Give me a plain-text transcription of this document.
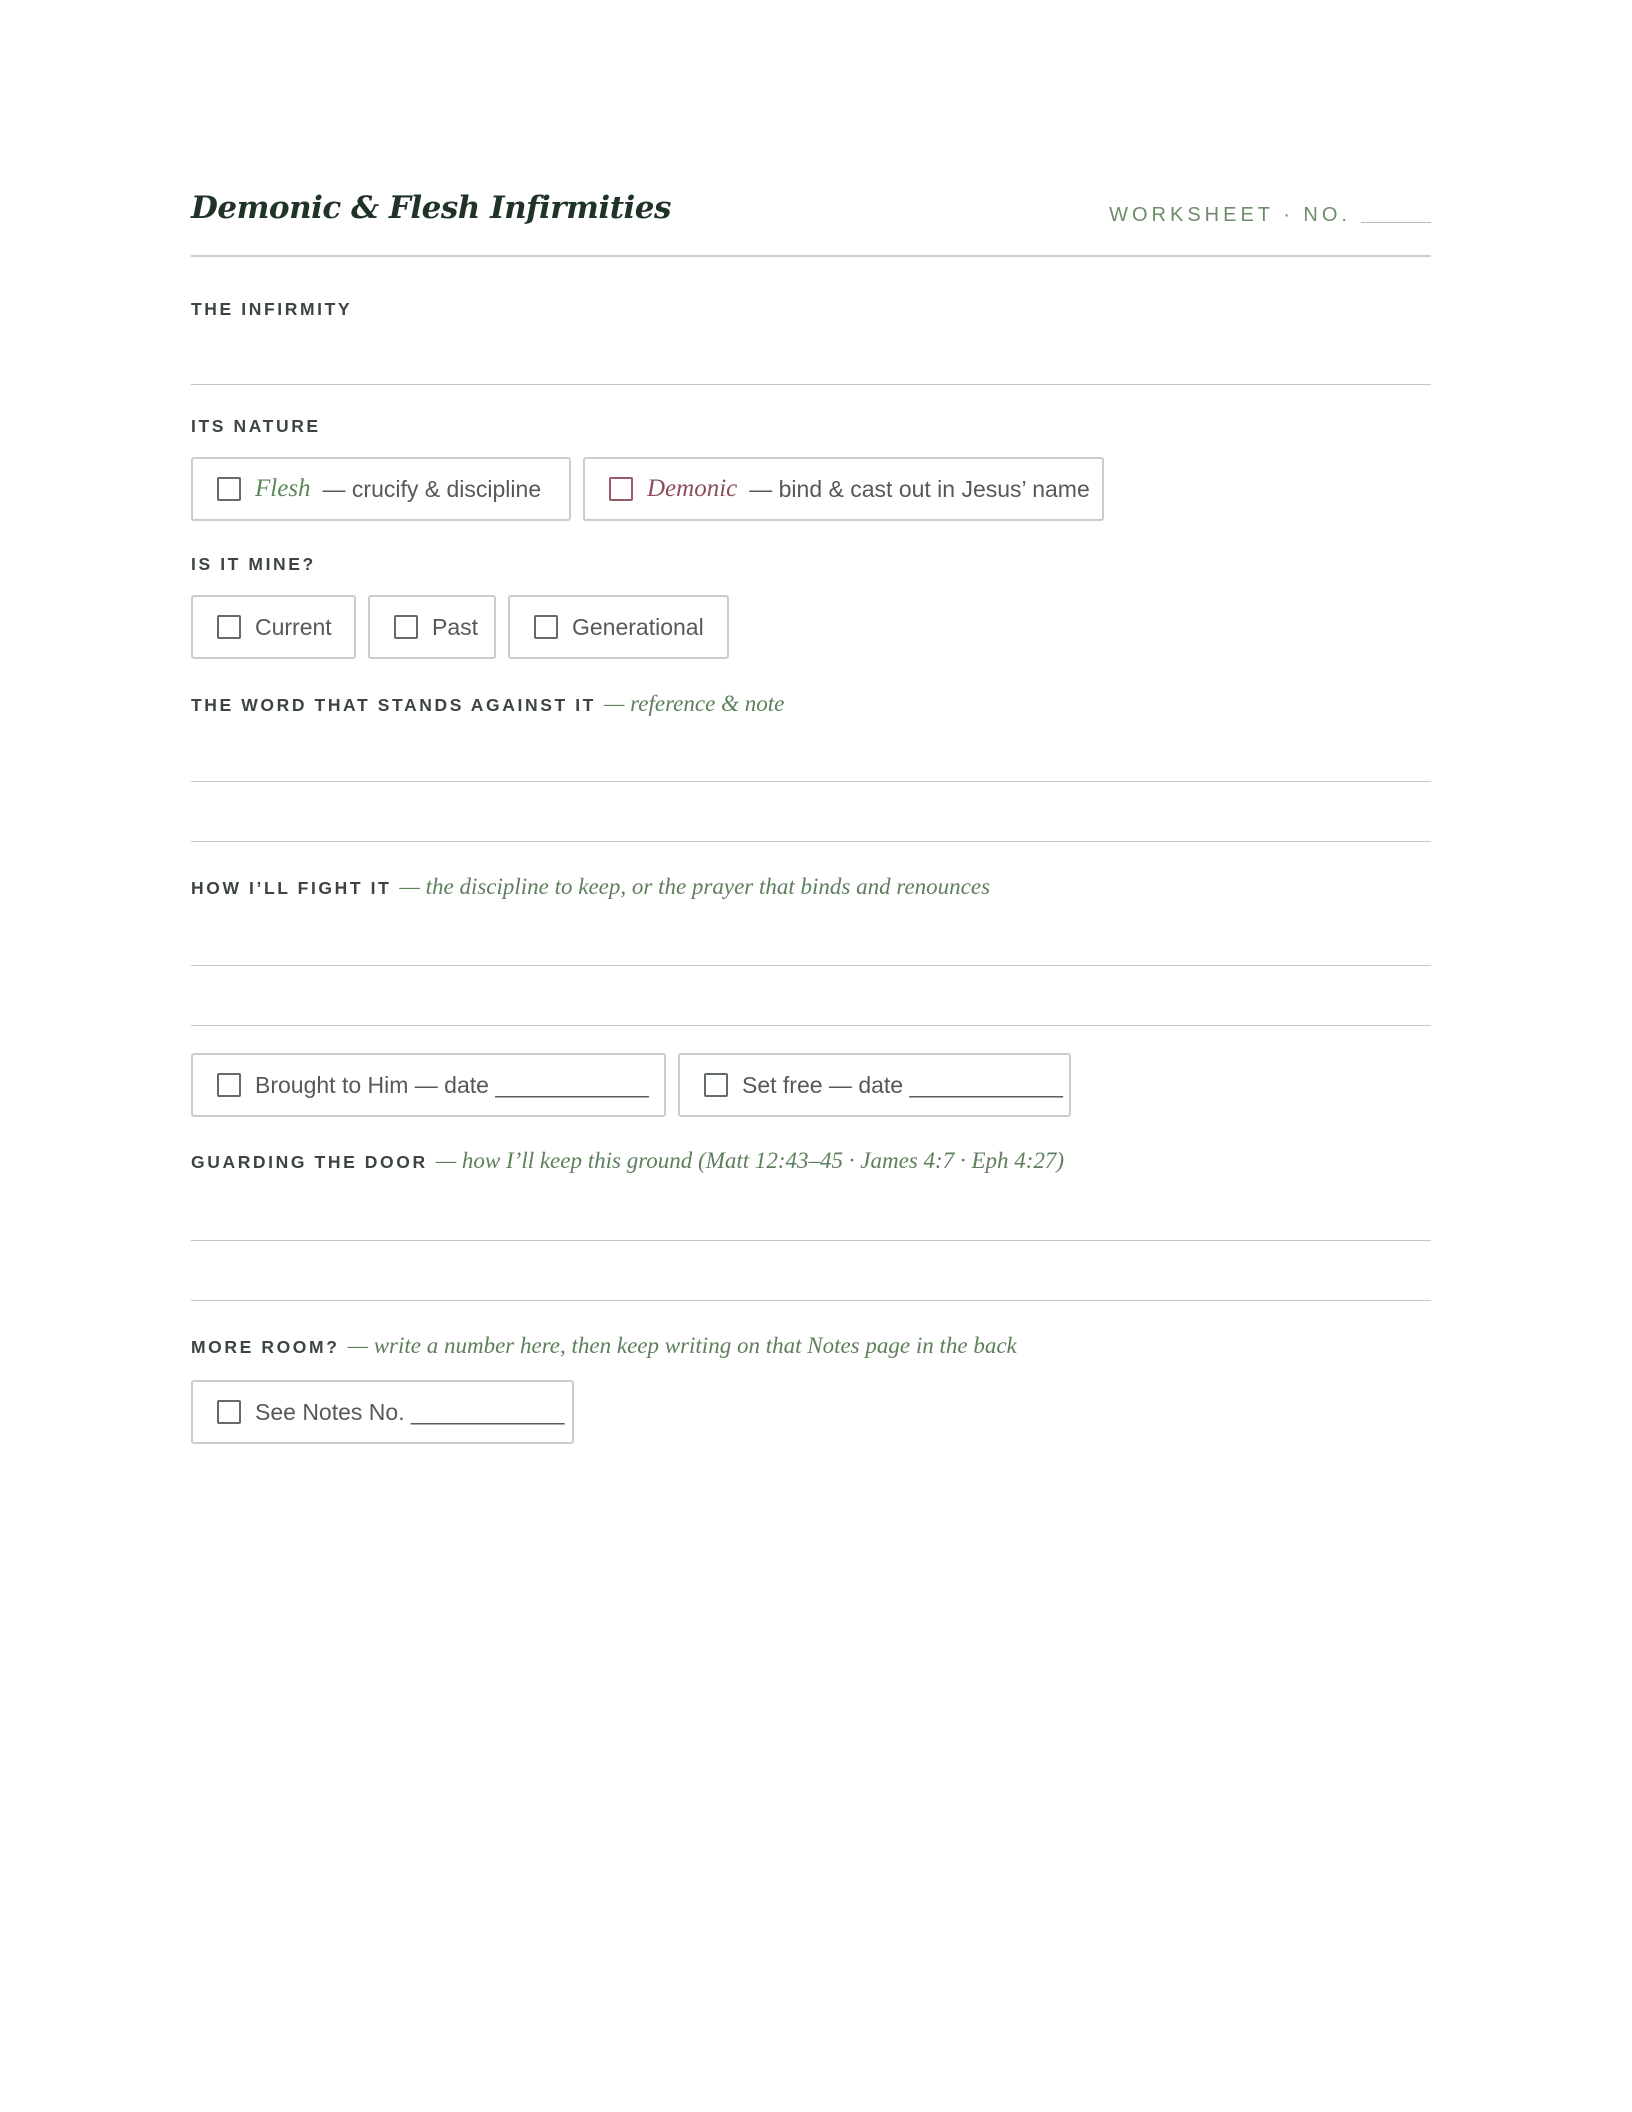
Demonic & Flesh Infirmities	WORKSHEET · NO.
THE INFIRMITY
ITS NATURE
Flesh — crucify & discipline	Demonic — bind & cast out in Jesus’ name
IS IT MINE?
Current	Past	Generational
THE WORD THAT STANDS AGAINST IT — reference & note
HOW I’LL FIGHT IT — the discipline to keep, or the prayer that binds and renounces
Brought to Him — date ____________	Set free — date ____________
GUARDING THE DOOR — how I’ll keep this ground (Matt 12:43–45 · James 4:7 · Eph 4:27)
MORE ROOM? — write a number here, then keep writing on that Notes page in the back
See Notes No. ____________
